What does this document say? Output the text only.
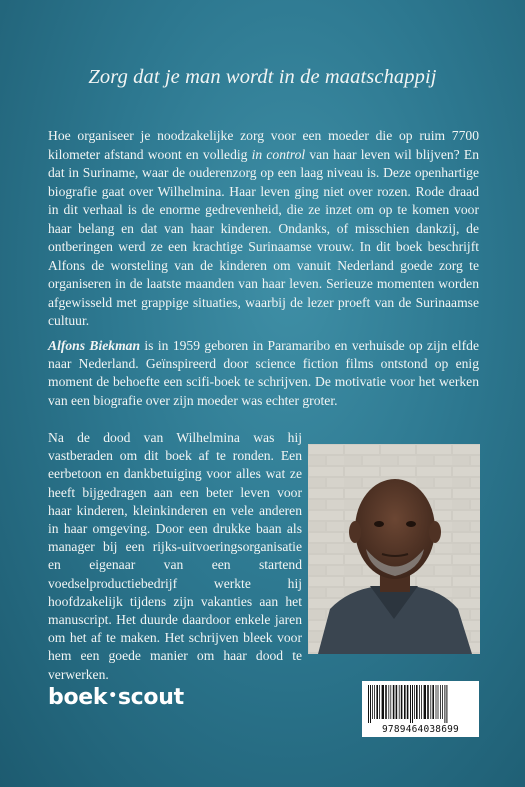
Zorg dat je man wordt in de maatschappij

Hoe organiseer je noodzakelijke zorg voor een moeder die op ruim 7700 kilometer afstand woont en volledig in control van haar leven wil blijven? En dat in Suriname, waar de ouderenzorg op een laag niveau is. Deze openhartige biografie gaat over Wilhelmina. Haar leven ging niet over rozen. Rode draad in dit verhaal is de enorme gedrevenheid, die ze inzet om op te komen voor haar belang en dat van haar kinderen. Ondanks, of misschien dankzij, de ontberingen werd ze een krachtige Surinaamse vrouw. In dit boek beschrijft Alfons de worsteling van de kinderen om vanuit Nederland goede zorg te organiseren in de laatste maanden van haar leven. Serieuze momenten worden afgewisseld met grappige situaties, waarbij de lezer proeft van de Surinaamse cultuur.

Alfons Biekman is in 1959 geboren in Paramaribo en verhuisde op zijn elfde naar Nederland. Geïnspireerd door science fiction films ontstond op enig moment de behoefte een scifi-boek te schrijven. De motivatie voor het werken van een biografie over zijn moeder was echter groter.

Na de dood van Wilhelmina was hij vastberaden om dit boek af te ronden. Een eerbetoon en dankbetuiging voor alles wat ze heeft bijgedragen aan een beter leven voor haar kinderen, kleinkinderen en vele anderen in haar omgeving. Door een drukke baan als manager bij een rijks-uitvoeringsorganisatie en eigenaar van een startend voedselproductiebedrijf werkte hij hoofdzakelijk tijdens zijn vakanties aan het manuscript. Het duurde daardoor enkele jaren om het af te maken. Het schrijven bleek voor hem een goede manier om haar dood te verwerken.

boek•scout
9789464038699
